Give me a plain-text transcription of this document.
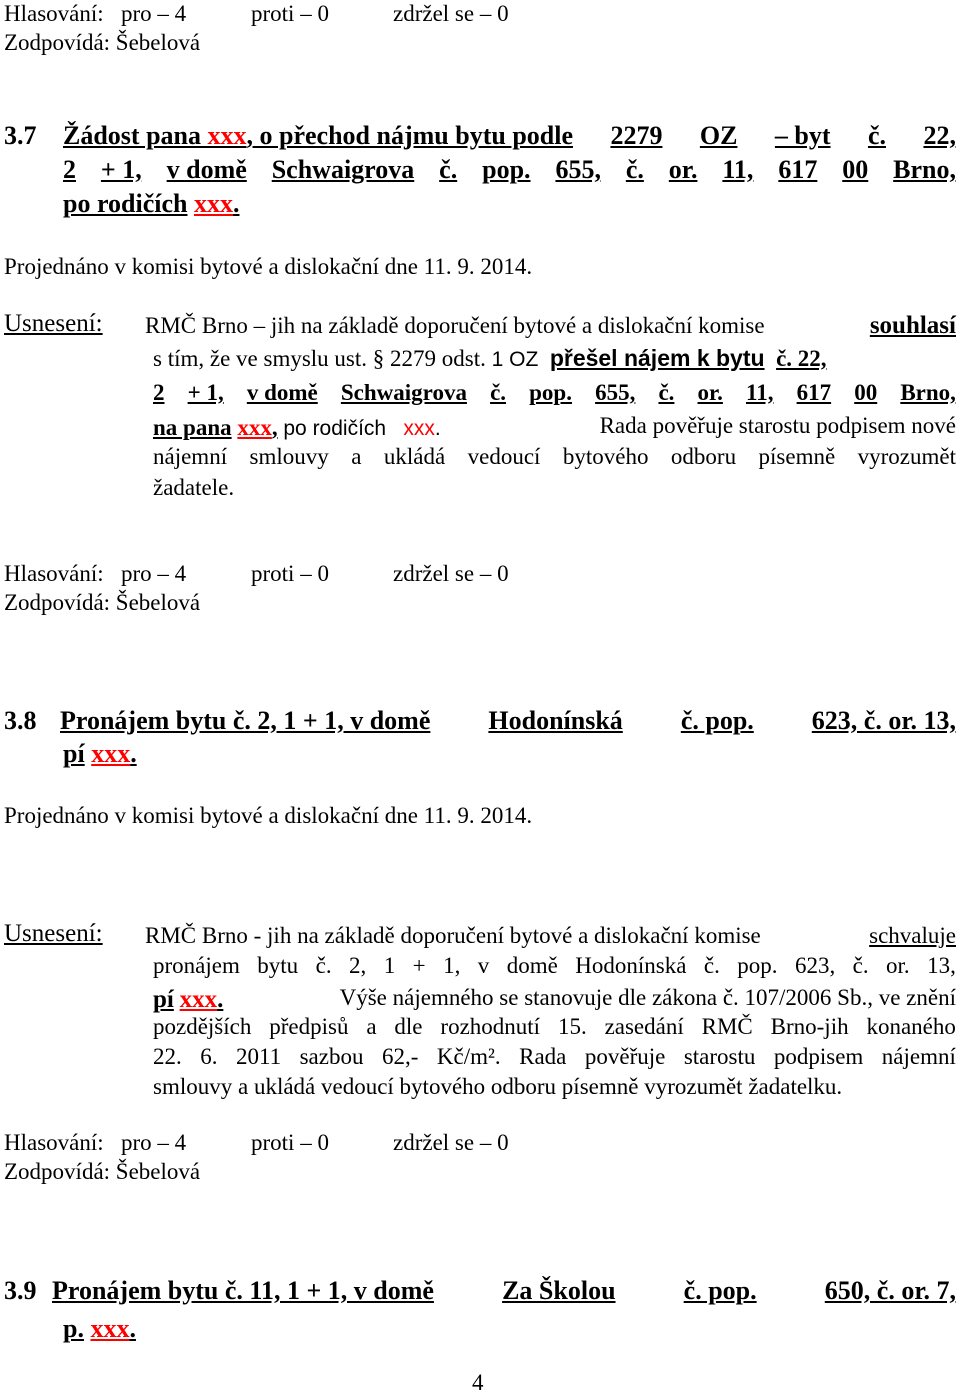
Hlasování: pro – 4	proti – 0	zdržel se – 0
Zodpovídá: Šebelová
3.7 Žádost pana xxx, o přechod nájmu bytu podle 2279 OZ – byt č. 22,
2 + 1, v domě Schwaigrova č. pop. 655, č. or. 11, 617 00 Brno,
po rodičích xxx.
Projednáno v komisi bytové a dislokační dne 11. 9. 2014.
Usnesení: RMČ Brno – jih na základě doporučení bytové a dislokační komise	souhlasí
s tím, že ve smyslu ust. § 2279 odst. 1 OZ přešel nájem k bytu č. 22,
2 + 1, v domě Schwaigrova č. pop. 655, č. or. 11, 617 00 Brno,
na pana xxx, po rodičích xxx.	Rada pověřuje starostu podpisem nové
nájemní smlouvy a ukládá vedoucí bytového odboru písemně vyrozumět
žadatele.
Hlasování: pro – 4	proti – 0	zdržel se – 0
Zodpovídá: Šebelová
3.8 Pronájem bytu č. 2, 1 + 1, v domě Hodonínská č. pop. 623, č. or. 13,
pí xxx.
Projednáno v komisi bytové a dislokační dne 11. 9. 2014.
Usnesení: RMČ Brno - jih na základě doporučení bytové a dislokační komise	schvaluje
pronájem bytu č. 2, 1 + 1, v domě Hodonínská č. pop. 623, č. or. 13,
pí xxx.	Výše nájemného se stanovuje dle zákona č. 107/2006 Sb., ve znění
pozdějších předpisů a dle rozhodnutí 15. zasedání RMČ Brno-jih konaného
22. 6. 2011 sazbou 62,- Kč/m². Rada pověřuje starostu podpisem nájemní
smlouvy a ukládá vedoucí bytového odboru písemně vyrozumět žadatelku.
Hlasování: pro – 4	proti – 0	zdržel se – 0
Zodpovídá: Šebelová
3.9 Pronájem bytu č. 11, 1 + 1, v domě	Za Školou	č. pop.	650, č. or. 7,
p. xxx.
4
